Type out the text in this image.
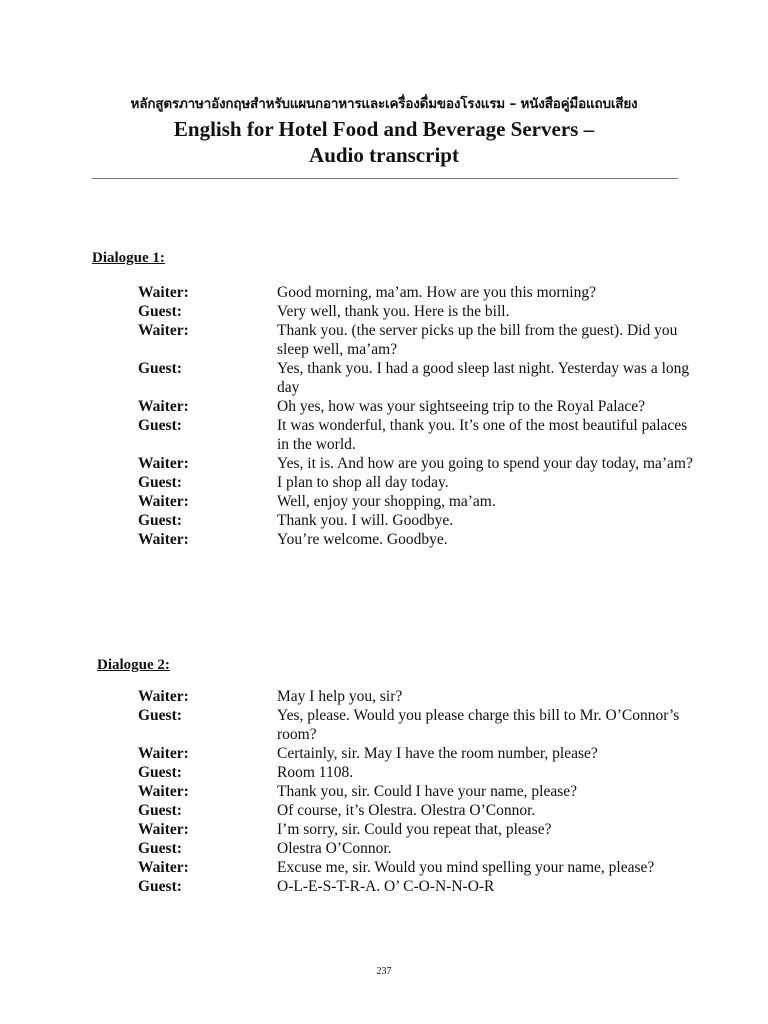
หลักสูตรภาษาอังกฤษสำหรับแผนกอาหารและเครื่องดื่มของโรงแรม – หนังสือคู่มือแถบเสียง
English for Hotel Food and Beverage Servers –
Audio transcript
Dialogue 1:
Waiter:	Good morning, ma’am. How are you this morning?
Guest:	Very well, thank you. Here is the bill.
Waiter:	Thank you. (the server picks up the bill from the guest). Did you sleep well, ma’am?
Guest:	Yes, thank you. I had a good sleep last night. Yesterday was a long day
Waiter:	Oh yes, how was your sightseeing trip to the Royal Palace?
Guest:	It was wonderful, thank you. It’s one of the most beautiful palaces in the world.
Waiter:	Yes, it is. And how are you going to spend your day today, ma’am?
Guest:	I plan to shop all day today.
Waiter:	Well, enjoy your shopping, ma’am.
Guest:	Thank you. I will. Goodbye.
Waiter:	You’re welcome. Goodbye.
Dialogue 2:
Waiter:	May I help you, sir?
Guest:	Yes, please. Would you please charge this bill to Mr. O’Connor’s room?
Waiter:	Certainly, sir. May I have the room number, please?
Guest:	Room 1108.
Waiter:	Thank you, sir. Could I have your name, please?
Guest:	Of course, it’s Olestra. Olestra O’Connor.
Waiter:	I’m sorry, sir. Could you repeat that, please?
Guest:	Olestra O’Connor.
Waiter:	Excuse me, sir. Would you mind spelling your name, please?
Guest:	O-L-E-S-T-R-A. O’ C-O-N-N-O-R
237
